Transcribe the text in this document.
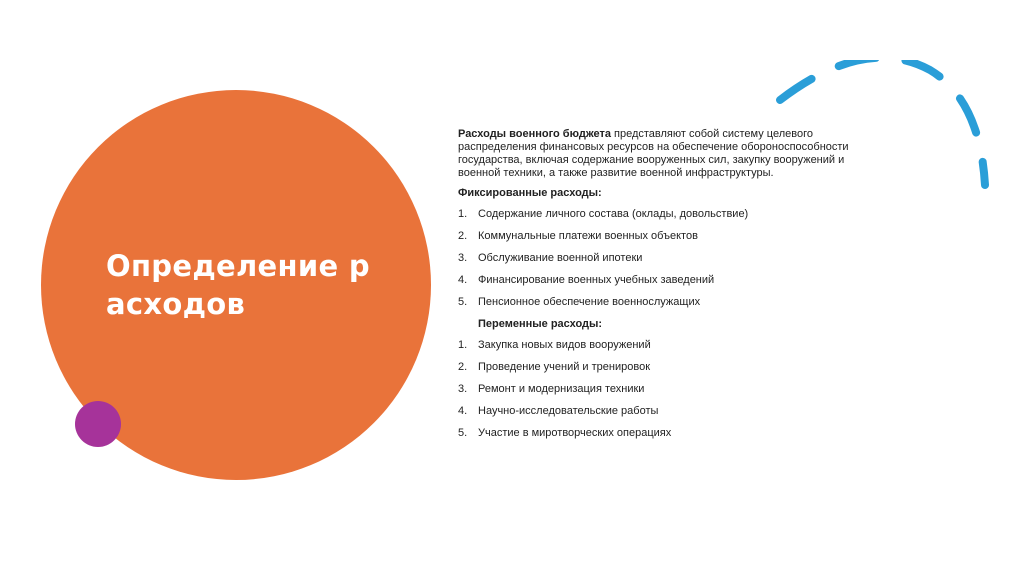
Определение р
асходов

Расходы военного бюджета представляют собой систему целевого распределения финансовых ресурсов на обеспечение обороноспособности государства, включая содержание вооруженных сил, закупку вооружений и военной техники, а также развитие военной инфраструктуры.

Фиксированные расходы:

1. Содержание личного состава (оклады, довольствие)
2. Коммунальные платежи военных объектов
3. Обслуживание военной ипотеки
4. Финансирование военных учебных заведений
5. Пенсионное обеспечение военнослужащих

Переменные расходы:

1. Закупка новых видов вооружений
2. Проведение учений и тренировок
3. Ремонт и модернизация техники
4. Научно-исследовательские работы
5. Участие в миротворческих операциях
